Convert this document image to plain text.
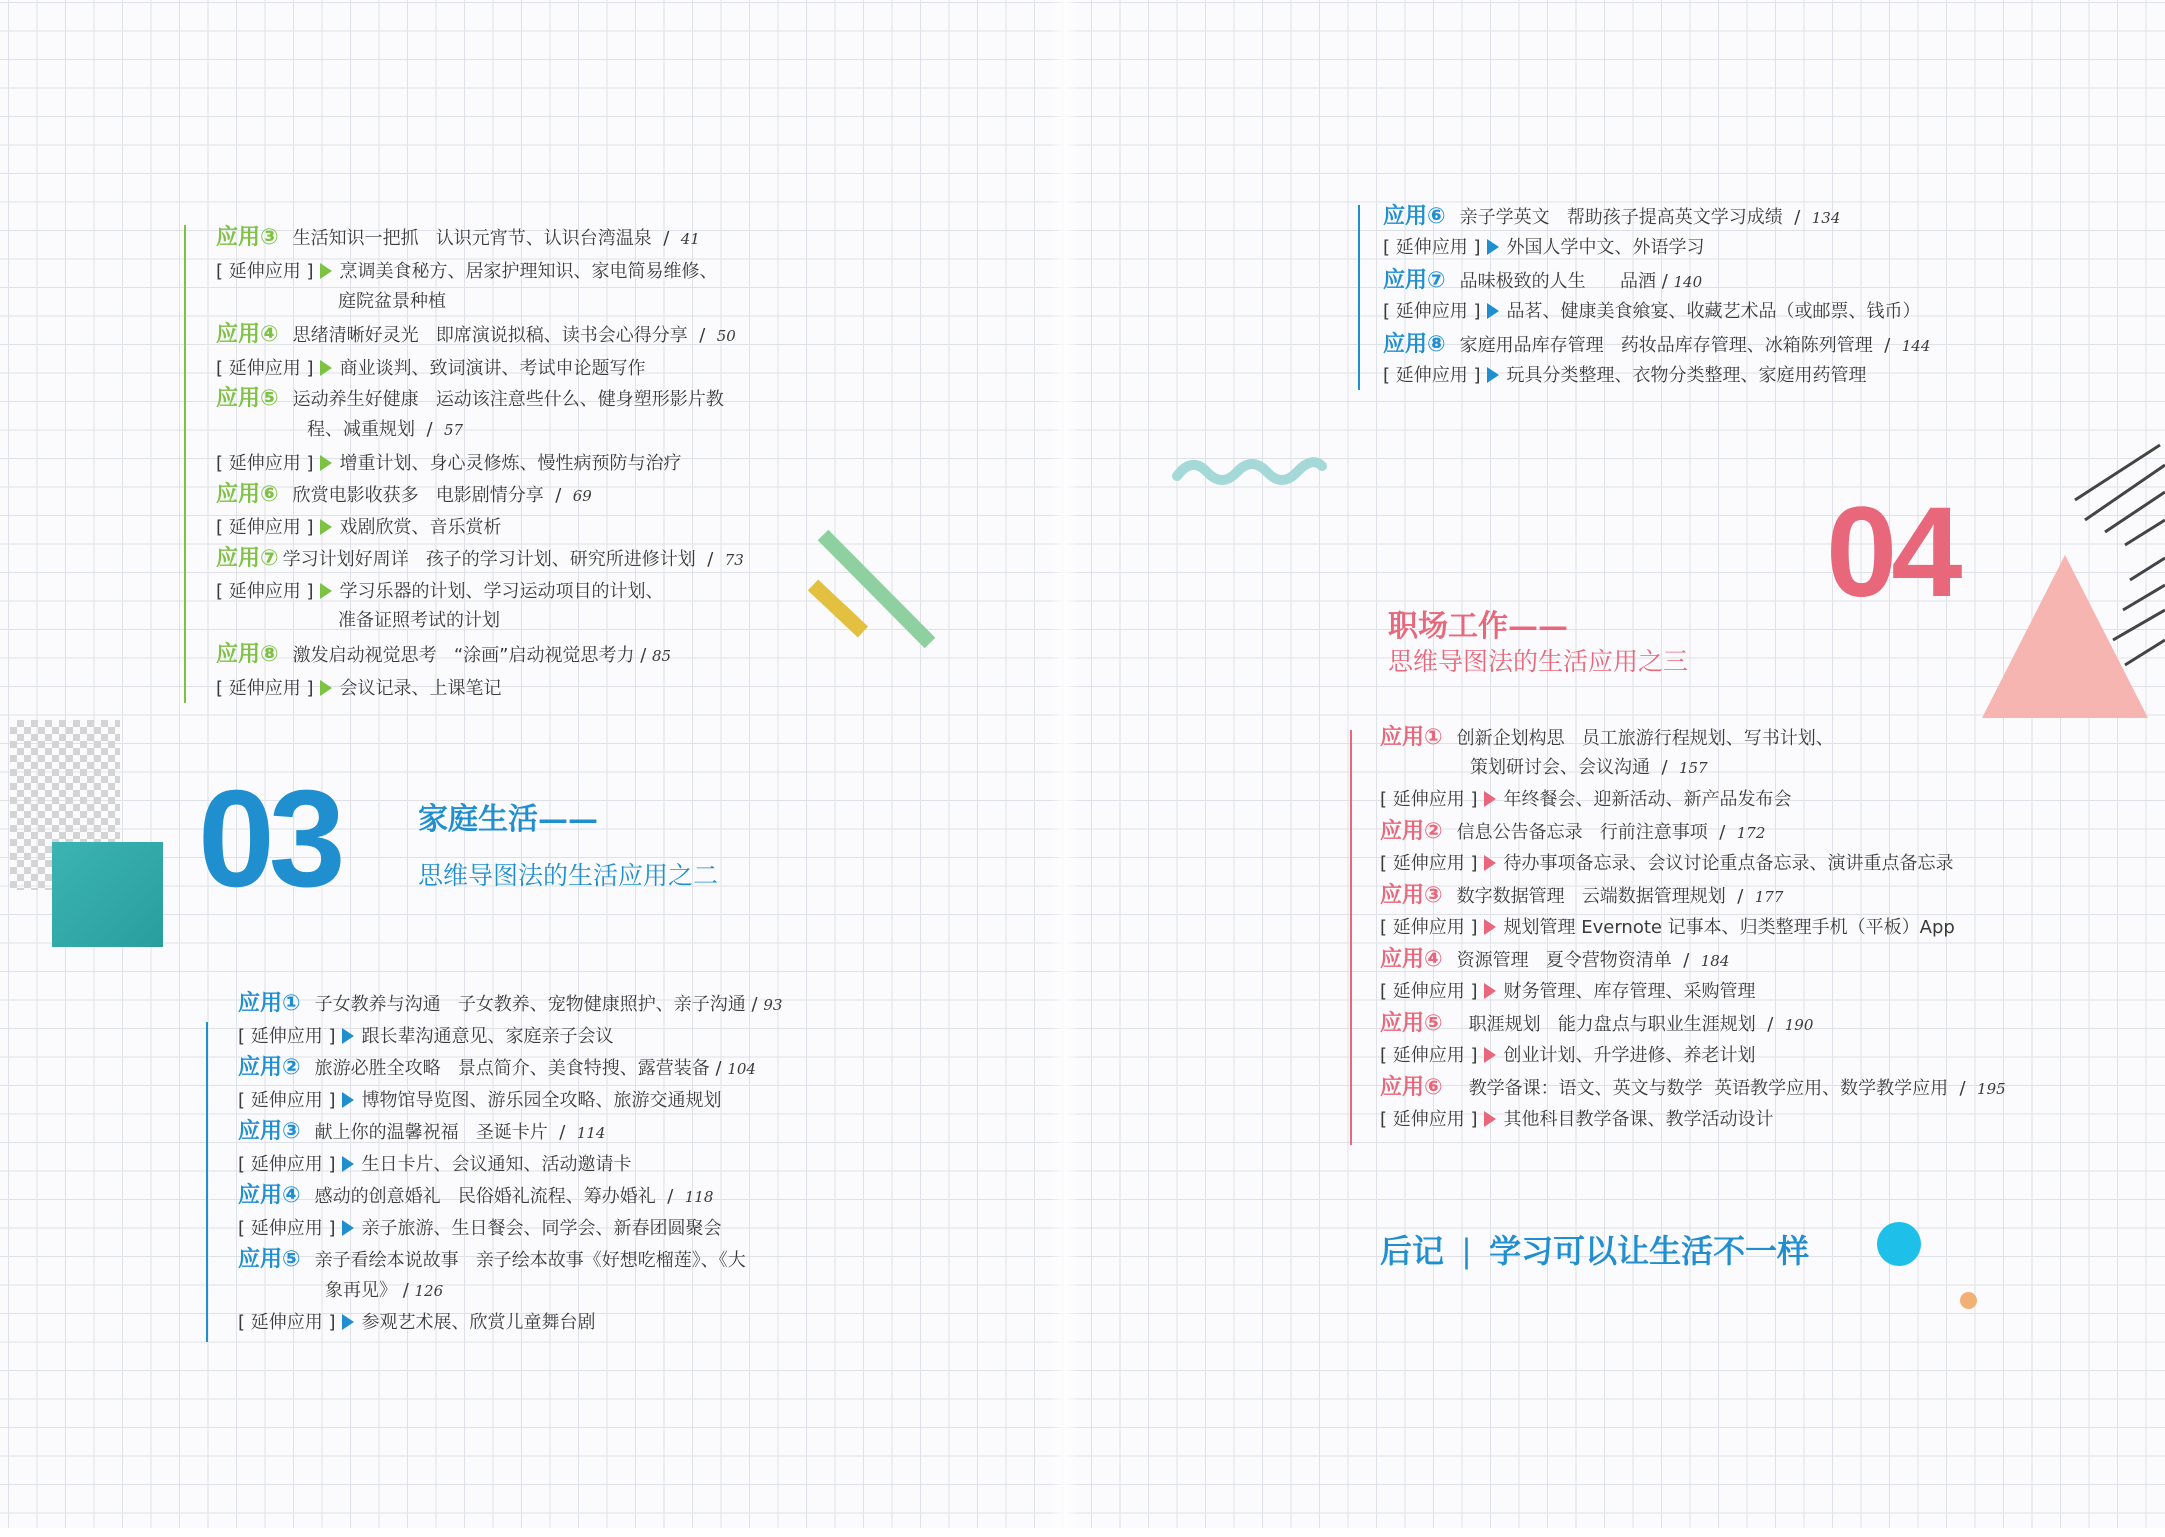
应用③ 生活知识一把抓 认识元宵节、认识台湾温泉  /  41
[ 延伸应用 ] 烹调美食秘方、居家护理知识、家电简易维修、
庭院盆景种植
应用④ 思绪清晰好灵光 即席演说拟稿、读书会心得分享  /  50
[ 延伸应用 ] 商业谈判、致词演讲、考试申论题写作
应用⑤ 运动养生好健康 运动该注意些什么、健身塑形影片教
程、减重规划  /  57
[ 延伸应用 ] 增重计划、身心灵修炼、慢性病预防与治疗
应用⑥ 欣赏电影收获多 电影剧情分享  /  69
[ 延伸应用 ] 戏剧欣赏、音乐赏析
应用⑦ 学习计划好周详 孩子的学习计划、研究所进修计划  /  73
[ 延伸应用 ] 学习乐器的计划、学习运动项目的计划、
准备证照考试的计划
应用⑧ 激发启动视觉思考 “涂画”启动视觉思考力 / 85
[ 延伸应用 ] 会议记录、上课笔记
03	家庭生活——
思维导图法的生活应用之二
应用① 子女教养与沟通 子女教养、宠物健康照护、亲子沟通 / 93
[ 延伸应用 ] 跟长辈沟通意见、家庭亲子会议
应用② 旅游必胜全攻略 景点简介、美食特搜、露营装备 / 104
[ 延伸应用 ] 博物馆导览图、游乐园全攻略、旅游交通规划
应用③ 献上你的温馨祝福 圣诞卡片  /  114
[ 延伸应用 ] 生日卡片、会议通知、活动邀请卡
应用④ 感动的创意婚礼 民俗婚礼流程、筹办婚礼  /  118
[ 延伸应用 ] 亲子旅游、生日餐会、同学会、新春团圆聚会
应用⑤ 亲子看绘本说故事 亲子绘本故事《好想吃榴莲》、《大
象再见》 / 126
[ 延伸应用 ] 参观艺术展、欣赏儿童舞台剧
应用⑥ 亲子学英文 帮助孩子提高英文学习成绩  /  134
[ 延伸应用 ] 外国人学中文、外语学习
应用⑦ 品味极致的人生 品酒 / 140
[ 延伸应用 ] 品茗、健康美食飨宴、收藏艺术品（或邮票、钱币）
应用⑧ 家庭用品库存管理 药妆品库存管理、冰箱陈列管理  /  144
[ 延伸应用 ] 玩具分类整理、衣物分类整理、家庭用药管理
04
职场工作——
思维导图法的生活应用之三
应用① 创新企划构思 员工旅游行程规划、写书计划、
策划研讨会、会议沟通  /  157
[ 延伸应用 ] 年终餐会、迎新活动、新产品发布会
应用② 信息公告备忘录 行前注意事项  /  172
[ 延伸应用 ] 待办事项备忘录、会议讨论重点备忘录、演讲重点备忘录
应用③ 数字数据管理 云端数据管理规划  /  177
[ 延伸应用 ] 规划管理 Evernote 记事本、归类整理手机（平板）App
应用④ 资源管理 夏令营物资清单  /  184
[ 延伸应用 ] 财务管理、库存管理、采购管理
应用⑤ 职涯规划 能力盘点与职业生涯规划  /  190
[ 延伸应用 ] 创业计划、升学进修、养老计划
应用⑥ 教学备课：语文、英文与数学 英语教学应用、数学教学应用  /  195
[ 延伸应用 ] 其他科目教学备课、教学活动设计
后记 | 学习可以让生活不一样
